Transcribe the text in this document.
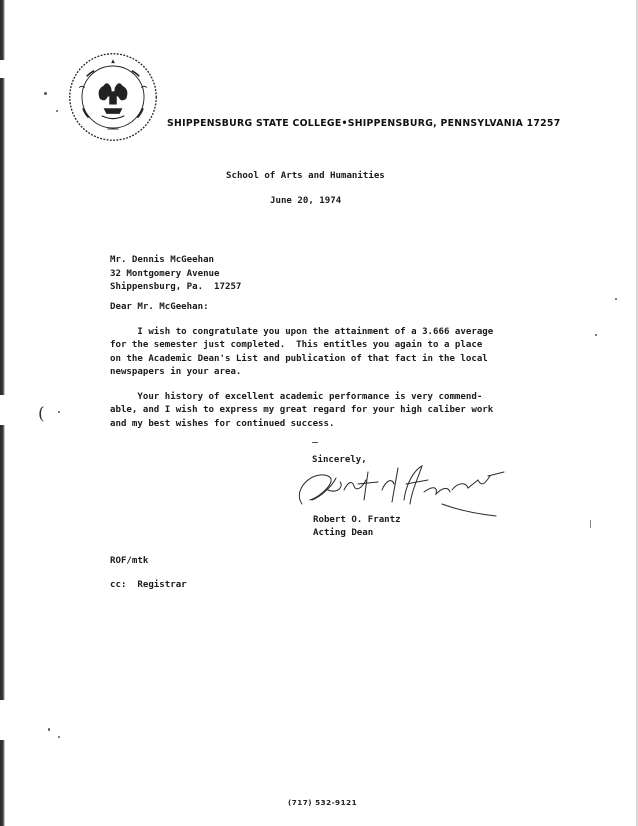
SHIPPENSBURG STATE COLLEGE•SHIPPENSBURG, PENNSYLVANIA 17257
School of Arts and Humanities
June 20, 1974
Mr. Dennis McGeehan
32 Montgomery Avenue
Shippensburg, Pa.  17257
Dear Mr. McGeehan:
I wish to congratulate you upon the attainment of a 3.666 average
for the semester just completed.  This entitles you again to a place
on the Academic Dean's List and publication of that fact in the local
newspapers in your area.
Your history of excellent academic performance is very commend-
able, and I wish to express my great regard for your high caliber work
and my best wishes for continued success.
Sincerely,
Robert O. Frantz
Acting Dean
ROF/mtk
cc:  Registrar
(
(717) 532-9121
